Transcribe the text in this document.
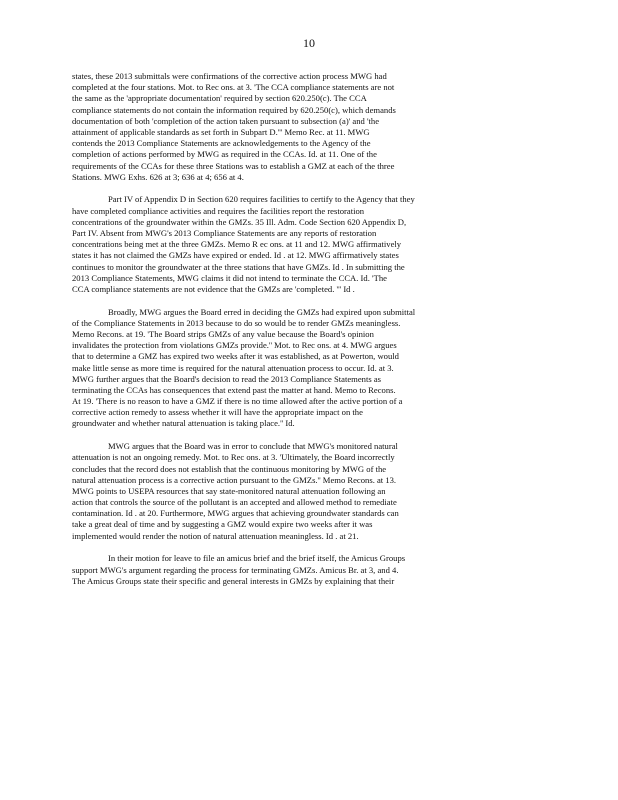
10
states, these 2013 submittals were confirmations of the corrective action process MWG had
completed at the four stations. Mot. to Rec ons. at 3. 'The CCA compliance statements are not
the same as the 'appropriate documentation' required by section 620.250(c). The CCA
compliance statements do not contain the information required by 620.250(c), which demands
documentation of both 'completion of the action taken pursuant to subsection (a)' and 'the
attainment of applicable standards as set forth in Subpart D.''' Memo Rec. at 11. MWG
contends the 2013 Compliance Statements are acknowledgements to the Agency of the
completion of actions performed by MWG as required in the CCAs. Id. at 11. One of the
requirements of the CCAs for these three Stations was to establish a GMZ at each of the three
Stations. MWG Exhs. 626 at 3; 636 at 4; 656 at 4.
Part IV of Appendix D in Section 620 requires facilities to certify to the Agency that they
have completed compliance activities and requires the facilities report the restoration
concentrations of the groundwater within the GMZs. 35 Ill. Adm. Code Section 620 Appendix D,
Part IV. Absent from MWG's 2013 Compliance Statements are any reports of restoration
concentrations being met at the three GMZs. Memo R ec ons. at 11 and 12. MWG affirmatively
states it has not claimed the GMZs have expired or ended. Id . at 12. MWG affirmatively states
continues to monitor the groundwater at the three stations that have GMZs. Id . In submitting the
2013 Compliance Statements, MWG claims it did not intend to terminate the CCA. Id. 'The
CCA compliance statements are not evidence that the GMZs are 'completed. ''' Id .
Broadly, MWG argues the Board erred in deciding the GMZs had expired upon submittal
of the Compliance Statements in 2013 because to do so would be to render GMZs meaningless.
Memo Recons. at 19. 'The Board strips GMZs of any value because the Board's opinion
invalidates the protection from violations GMZs provide.'' Mot. to Rec ons. at 4. MWG argues
that to determine a GMZ has expired two weeks after it was established, as at Powerton, would
make little sense as more time is required for the natural attenuation process to occur. Id. at 3.
MWG further argues that the Board's decision to read the 2013 Compliance Statements as
terminating the CCAs has consequences that extend past the matter at hand. Memo to Recons.
At 19. 'There is no reason to have a GMZ if there is no time allowed after the active portion of a
corrective action remedy to assess whether it will have the appropriate impact on the
groundwater and whether natural attenuation is taking place.'' Id.
MWG argues that the Board was in error to conclude that MWG's monitored natural
attenuation is not an ongoing remedy. Mot. to Rec ons. at 3. 'Ultimately, the Board incorrectly
concludes that the record does not establish that the continuous monitoring by MWG of the
natural attenuation process is a corrective action pursuant to the GMZs.'' Memo Recons. at 13.
MWG points to USEPA resources that say state-monitored natural attenuation following an
action that controls the source of the pollutant is an accepted and allowed method to remediate
contamination. Id . at 20. Furthermore, MWG argues that achieving groundwater standards can
take a great deal of time and by suggesting a GMZ would expire two weeks after it was
implemented would render the notion of natural attenuation meaningless. Id . at 21.
In their motion for leave to file an amicus brief and the brief itself, the Amicus Groups
support MWG's argument regarding the process for terminating GMZs. Amicus Br. at 3, and 4.
The Amicus Groups state their specific and general interests in GMZs by explaining that their
